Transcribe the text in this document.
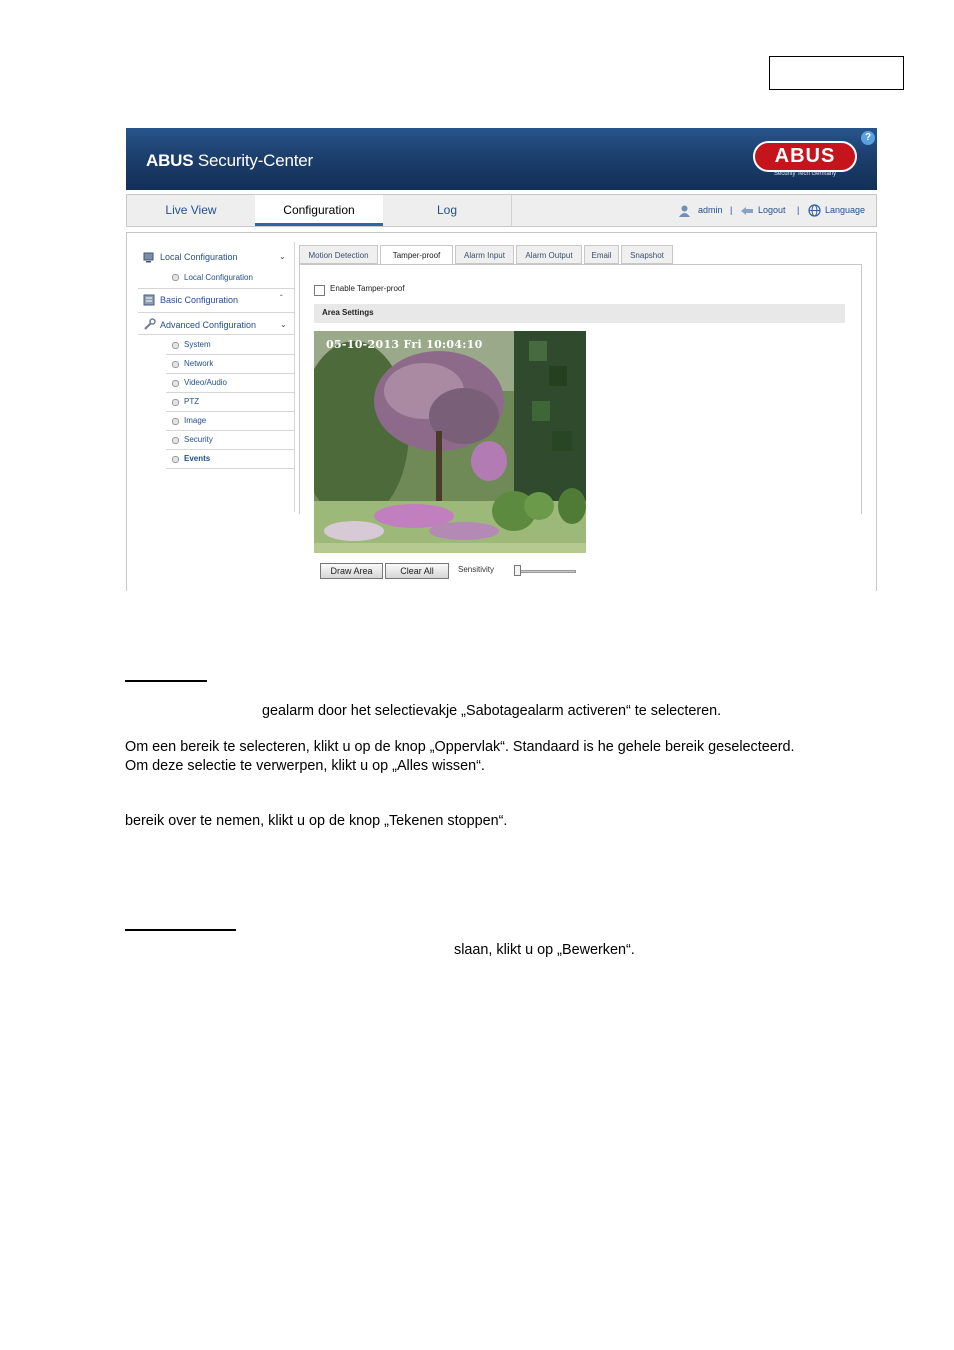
ABUS Security-Center	ABUS
Security Tech Germany
?
Live View	Configuration	Log	admin |	Logout |	Language
Local Configuration	⌄
Local Configuration
Basic Configuration	ˆ
Advanced Configuration	⌄
Motion Detection	Tamper-proof	Alarm Input	Alarm Output	Email	Snapshot
Enable Tamper-proof
Area Settings
05-10-2013 Fri 10:04:10
Draw Area	Clear All	Sensitivity
System
Network
Video/Audio
PTZ
Image
Security
Events
gealarm door het selectievakje „Sabotagealarm activeren“ te selecteren.
Om een bereik te selecteren, klikt u op de knop „Oppervlak“. Standaard is he gehele bereik geselecteerd.
Om deze selectie te verwerpen, klikt u op „Alles wissen“.
bereik over te nemen, klikt u op de knop „Tekenen stoppen“.
slaan, klikt u op „Bewerken“.
